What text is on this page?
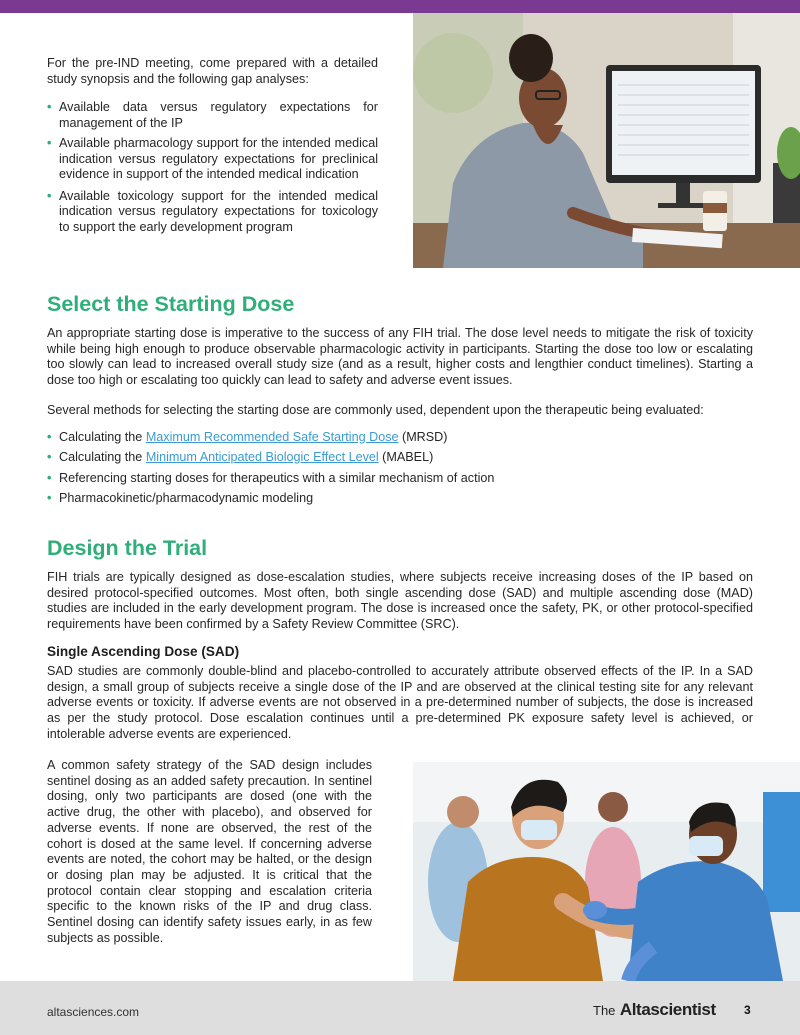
For the pre-IND meeting, come prepared with a detailed study synopsis and the following gap analyses:

• Available data versus regulatory expectations for management of the IP
• Available pharmacology support for the intended medical indication versus regulatory expectations for preclinical evidence in support of the intended medical indication
• Available toxicology support for the intended medical indication versus regulatory expectations for toxicology to support the early development program
Select the Starting Dose

An appropriate starting dose is imperative to the success of any FIH trial. The dose level needs to mitigate the risk of toxicity while being high enough to produce observable pharmacologic activity in participants. Starting the dose too low or escalating too slowly can lead to increased overall study size (and as a result, higher costs and lengthier conduct timelines). Starting a dose too high or escalating too quickly can lead to safety and adverse event issues.

Several methods for selecting the starting dose are commonly used, dependent upon the therapeutic being evaluated:

• Calculating the Maximum Recommended Safe Starting Dose (MRSD)
• Calculating the Minimum Anticipated Biologic Effect Level (MABEL)
• Referencing starting doses for therapeutics with a similar mechanism of action
• Pharmacokinetic/pharmacodynamic modeling
Design the Trial

FIH trials are typically designed as dose-escalation studies, where subjects receive increasing doses of the IP based on desired protocol-specified outcomes. Most often, both single ascending dose (SAD) and multiple ascending dose (MAD) studies are included in the early development program. The dose is increased once the safety, PK, or other protocol-specified requirements have been confirmed by a Safety Review Committee (SRC).

Single Ascending Dose (SAD)

SAD studies are commonly double-blind and placebo-controlled to accurately attribute observed effects of the IP. In a SAD design, a small group of subjects receive a single dose of the IP and are observed at the clinical testing site for any relevant adverse events or toxicity. If adverse events are not observed in a pre-determined number of subjects, the dose is increased as per the study protocol. Dose escalation continues until a pre-determined PK exposure safety level is achieved, or intolerable adverse events are experienced.

A common safety strategy of the SAD design includes sentinel dosing as an added safety precaution. In sentinel dosing, only two participants are dosed (one with the active drug, the other with placebo), and observed for adverse events. If none are observed, the rest of the cohort is dosed at the same level. If concerning adverse events are noted, the cohort may be halted, or the design or dosing plan may be adjusted. It is critical that the protocol contain clear stopping and escalation criteria specific to the known risks of the IP and drug class. Sentinel dosing can identify safety issues early, in as few subjects as possible.

altasciences.com	The Altascientist 3
